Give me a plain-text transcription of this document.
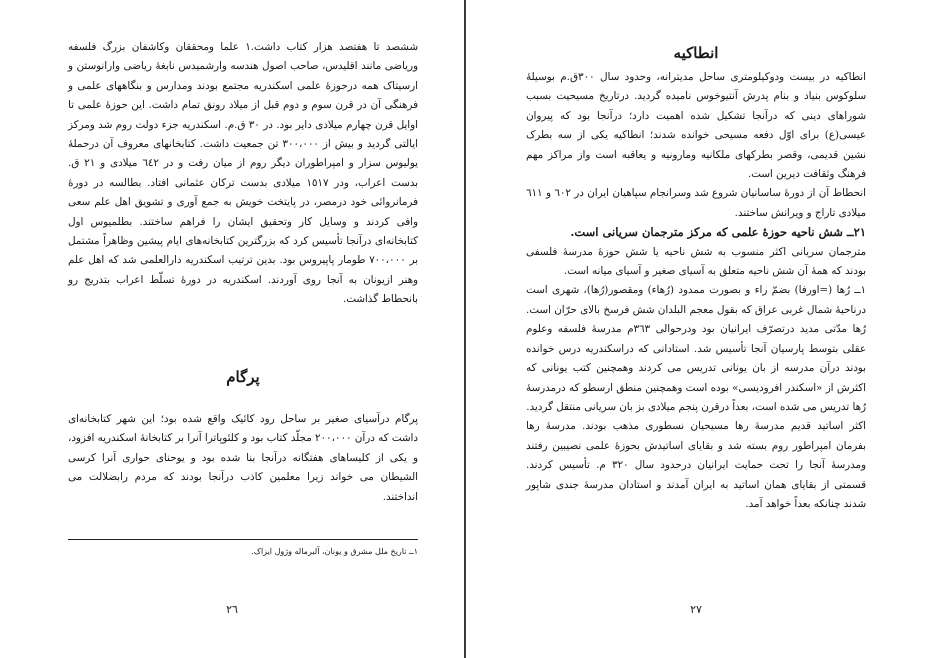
ششصد تا هفتصد هزار کتاب داشت.١ علما ومحققان وکاشفان بزرگ فلسفه وریاضی مانند اقلیدس، صاحب اصول هندسه وارشمیدس نابغهٔ ریاضی وارانوستن و ارسیتاک همه درحوزهٔ علمی اسکندریه مجتمع بودند ومدارس و بنگاههای علمی و فرهنگی آن در قرن سوم و دوم قبل از میلاد رونق تمام داشت. این حوزهٔ علمی تا اوایل قرن چهارم میلادی دایر بود. در ٣٠ ق.م. اسکندریه جزء دولت روم شد ومرکز ایالتی گردید و بیش از ٣٠٠،٠٠٠ تن جمعیت داشت. کتابخانهای معروف آن درحملهٔ یولیوس سزار و امپراطوران دیگر روم از میان رفت و در ٦٤٢ میلادی و ٢١ ق. بدست اعراب، ودر ١٥١٧ میلادی بدست ترکان عثمانی افتاد. بطالسه در دورهٔ فرمانروائی خود درمصر، در پایتخت خویش به جمع آوری و تشویق اهل علم سعی وافی کردند و وسایل کار وتحقیق ایشان را فراهم ساختند. بطلمیوس اول کتابخانه‌ای درآنجا تأسیس کرد که بزرگترین کتابخانه‌های ایام پیشین وظاهراً مشتمل بر ٧٠٠،٠٠٠ طومار پاپیروس بود. بدین ترتیب اسکندریه دارالعلمی شد که اهل علم وهنر ازیونان به آنجا روی آوردند. اسکندریه در دورهٔ تسلّط اعراب بتدریج رو بانحطاط گذاشت.

پرگام

پرگام درآسیای صغیر بر ساحل رود کائیک واقع شده بود؛ این شهر کتابخانه‌ای داشت که درآن ٢٠٠،٠٠٠ مجلّد کتاب بود و کلئوپاترا آنرا بر کتابخانهٔ اسکندریه افزود، و یکی از کلیساهای هفتگانه درآنجا بنا شده بود و یوحنای حواری آنرا کرسی الشیطان می خواند زیرا معلمین کاذب درآنجا بودند که مردم رابضلالت می انداختند.

١ــ تاریخ ملل مشرق و یونان، آلبرماله وژول ایزاک.
٢٦
انطاکیه

انطاکیه در بیست ودوکیلومتری ساحل مدیترانه، وحدود سال ٣٠٠ق.م بوسیلهٔ سلوکوس بنیاد و بنام پدرش آنتیوخوس نامیده گردید. درتاریخ مسیحیت بسبب شوراهای دینی که درآنجا تشکیل شده اهمیت دارد؛ درآنجا بود که پیروان عیسی(ع) برای اوّل دفعه مسیحی خوانده شدند؛ انطاکیه یکی از سه بطرک نشین قدیمی، وقصر بطرکهای ملکانیه ومارونیه و یعاقبه است واز مراکز مهم فرهنگ وثقافت دیرین است.

انحطاط آن از دورهٔ ساسانیان شروع شد وسرانجام سپاهیان ایران در ٦٠٢ و ٦١١ میلادی تاراج و ویرانش ساختند.

٢١ــ شش ناحیه حوزهٔ علمی که مرکز مترجمان سریانی است.

مترجمان سریانی اکثر منسوب به شش ناحیه یا شش حوزهٔ مدرسهٔ فلسفی بودند که همهٔ آن شش ناحیه متعلق به آسیای صغیر و آسیای میانه است.

١ــ رُها (=اورفا) بضمّ راء و بصورت ممدود (رُهاء) ومقصور(رُها)، شهری است درناحیهٔ شمال غربی عراق که بقول معجم البلدان شش فرسخ بالای حرّان است. رُها مدّتی مدید درتصرّف ایرانیان بود ودرحوالی ٣٦٣م مدرسهٔ فلسفه وعلوم عقلی بتوسط پارسیان آنجا تأسیس شد. استادانی که دراسکندریه درس خوانده بودند درآن مدرسه از بان یونانی تدریس می کردند وهمچنین کتب یونانی که اکثرش از «اسکندر افرودیسی» بوده است وهمچنین منطق ارسطو که درمدرسهٔ رُها تدریس می شده است، بعداً درقرن پنجم میلادی بز بان سریانی منتقل گردید.

اکثر اساتید قدیم مدرسهٔ رها مسیحیان نسطوری مذهب بودند. مدرسهٔ رها بفرمان امپراطور روم بسته شد و بقایای اساتیدش بحوزهٔ علمی نصیبین رفتند ومدرسهٔ آنجا را تحت حمایت ایرانیان درحدود سال ٣٢٠ م. تأسیس کردند. قسمتی از بقایای همان اساتید به ایران آمدند و استادان مدرسهٔ جندی شاپور شدند چنانکه بعداً خواهد آمد.

٢٧
